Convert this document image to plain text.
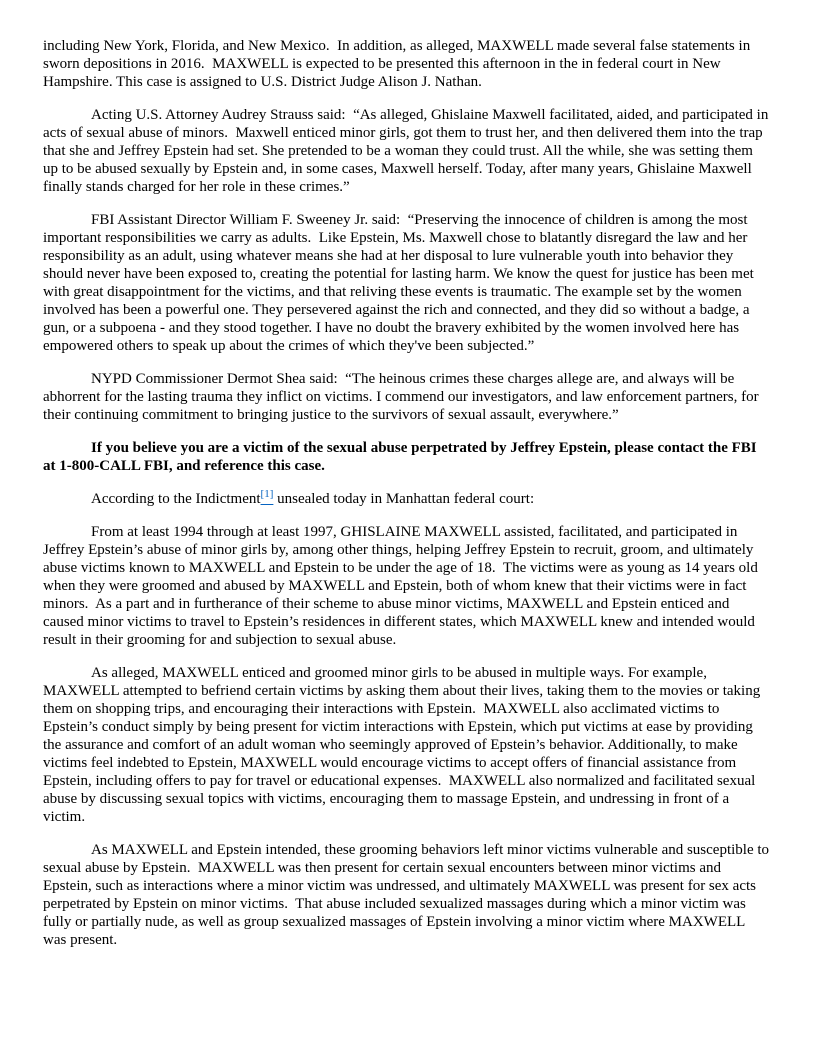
including New York, Florida, and New Mexico.  In addition, as alleged, MAXWELL made several false statements in sworn depositions in 2016.  MAXWELL is expected to be presented this afternoon in the in federal court in New Hampshire. This case is assigned to U.S. District Judge Alison J. Nathan.

Acting U.S. Attorney Audrey Strauss said:  “As alleged, Ghislaine Maxwell facilitated, aided, and participated in acts of sexual abuse of minors.  Maxwell enticed minor girls, got them to trust her, and then delivered them into the trap that she and Jeffrey Epstein had set. She pretended to be a woman they could trust. All the while, she was setting them up to be abused sexually by Epstein and, in some cases, Maxwell herself. Today, after many years, Ghislaine Maxwell finally stands charged for her role in these crimes.”

FBI Assistant Director William F. Sweeney Jr. said:  “Preserving the innocence of children is among the most important responsibilities we carry as adults.  Like Epstein, Ms. Maxwell chose to blatantly disregard the law and her responsibility as an adult, using whatever means she had at her disposal to lure vulnerable youth into behavior they should never have been exposed to, creating the potential for lasting harm. We know the quest for justice has been met with great disappointment for the victims, and that reliving these events is traumatic. The example set by the women involved has been a powerful one. They persevered against the rich and connected, and they did so without a badge, a gun, or a subpoena - and they stood together. I have no doubt the bravery exhibited by the women involved here has empowered others to speak up about the crimes of which they've been subjected.”

NYPD Commissioner Dermot Shea said:  “The heinous crimes these charges allege are, and always will be abhorrent for the lasting trauma they inflict on victims. I commend our investigators, and law enforcement partners, for their continuing commitment to bringing justice to the survivors of sexual assault, everywhere.”

If you believe you are a victim of the sexual abuse perpetrated by Jeffrey Epstein, please contact the FBI at 1-800-CALL FBI, and reference this case.

According to the Indictment[1] unsealed today in Manhattan federal court:

From at least 1994 through at least 1997, GHISLAINE MAXWELL assisted, facilitated, and participated in Jeffrey Epstein’s abuse of minor girls by, among other things, helping Jeffrey Epstein to recruit, groom, and ultimately abuse victims known to MAXWELL and Epstein to be under the age of 18.  The victims were as young as 14 years old when they were groomed and abused by MAXWELL and Epstein, both of whom knew that their victims were in fact minors.  As a part and in furtherance of their scheme to abuse minor victims, MAXWELL and Epstein enticed and caused minor victims to travel to Epstein’s residences in different states, which MAXWELL knew and intended would result in their grooming for and subjection to sexual abuse.

As alleged, MAXWELL enticed and groomed minor girls to be abused in multiple ways. For example, MAXWELL attempted to befriend certain victims by asking them about their lives, taking them to the movies or taking them on shopping trips, and encouraging their interactions with Epstein.  MAXWELL also acclimated victims to Epstein’s conduct simply by being present for victim interactions with Epstein, which put victims at ease by providing the assurance and comfort of an adult woman who seemingly approved of Epstein’s behavior. Additionally, to make victims feel indebted to Epstein, MAXWELL would encourage victims to accept offers of financial assistance from Epstein, including offers to pay for travel or educational expenses.  MAXWELL also normalized and facilitated sexual abuse by discussing sexual topics with victims, encouraging them to massage Epstein, and undressing in front of a victim.

As MAXWELL and Epstein intended, these grooming behaviors left minor victims vulnerable and susceptible to sexual abuse by Epstein.  MAXWELL was then present for certain sexual encounters between minor victims and Epstein, such as interactions where a minor victim was undressed, and ultimately MAXWELL was present for sex acts perpetrated by Epstein on minor victims.  That abuse included sexualized massages during which a minor victim was fully or partially nude, as well as group sexualized massages of Epstein involving a minor victim where MAXWELL was present.
